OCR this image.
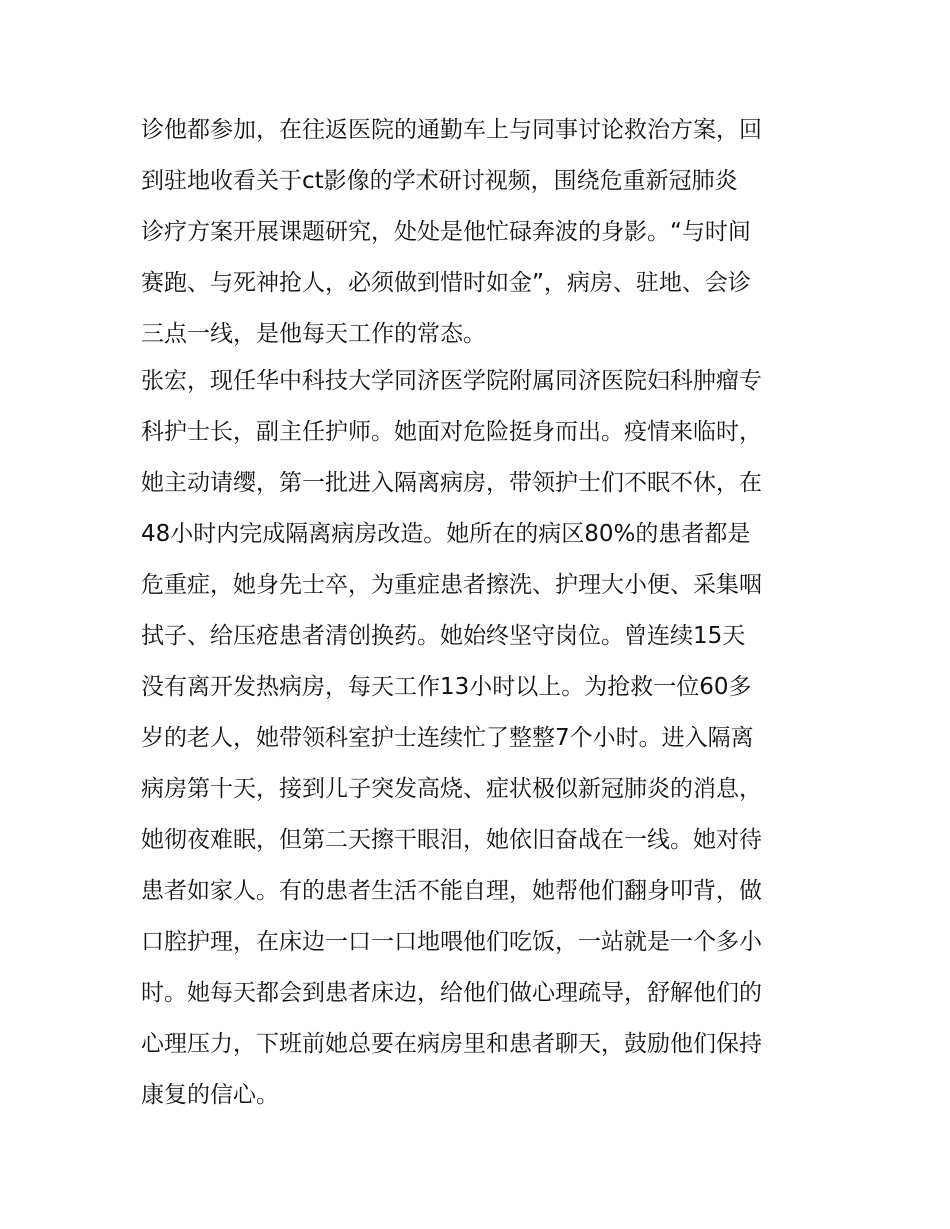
诊他都参加，在往返医院的通勤车上与同事讨论救治方案，回
到驻地收看关于ct影像的学术研讨视频，围绕危重新冠肺炎
诊疗方案开展课题研究，处处是他忙碌奔波的身影。“与时间
赛跑、与死神抢人，必须做到惜时如金”，病房、驻地、会诊
三点一线，是他每天工作的常态。
张宏，现任华中科技大学同济医学院附属同济医院妇科肿瘤专
科护士长，副主任护师。她面对危险挺身而出。疫情来临时，
她主动请缨，第一批进入隔离病房，带领护士们不眠不休，在
48小时内完成隔离病房改造。她所在的病区80%的患者都是
危重症，她身先士卒，为重症患者擦洗、护理大小便、采集咽
拭子、给压疮患者清创换药。她始终坚守岗位。曾连续15天
没有离开发热病房，每天工作13小时以上。为抢救一位60多
岁的老人，她带领科室护士连续忙了整整7个小时。进入隔离
病房第十天，接到儿子突发高烧、症状极似新冠肺炎的消息，
她彻夜难眠，但第二天擦干眼泪，她依旧奋战在一线。她对待
患者如家人。有的患者生活不能自理，她帮他们翻身叩背，做
口腔护理，在床边一口一口地喂他们吃饭，一站就是一个多小
时。她每天都会到患者床边，给他们做心理疏导，舒解他们的
心理压力，下班前她总要在病房里和患者聊天，鼓励他们保持
康复的信心。
